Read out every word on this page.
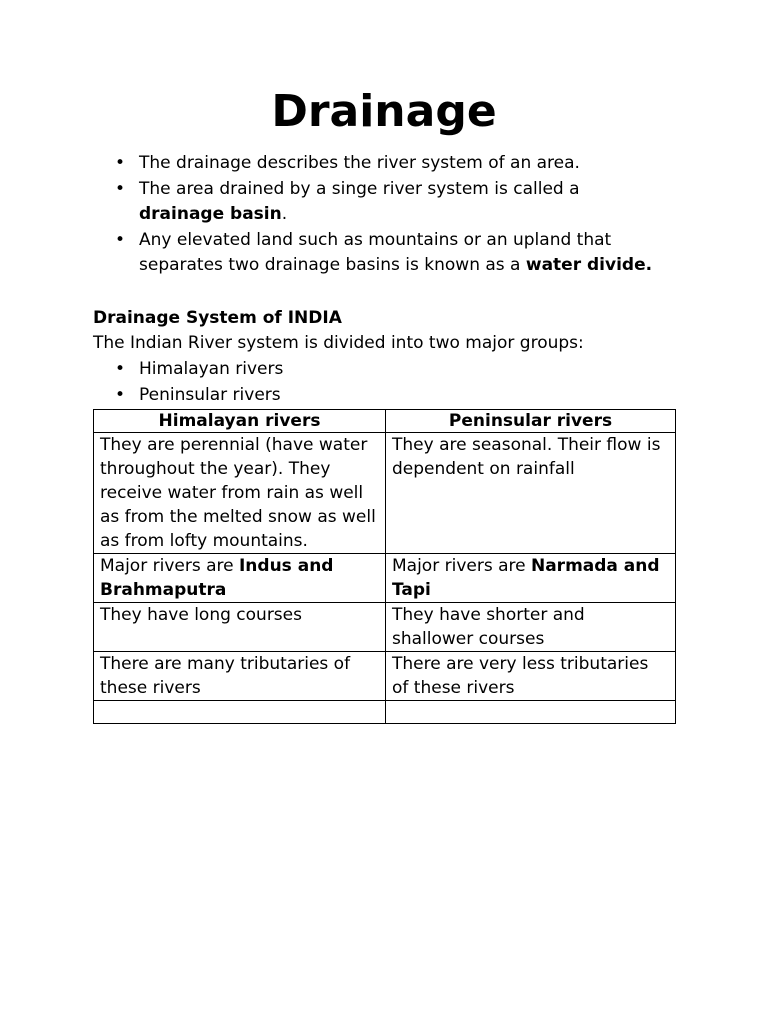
Drainage
• The drainage describes the river system of an area.
• The area drained by a singe river system is called a drainage basin.
• Any elevated land such as mountains or an upland that separates two drainage basins is known as a water divide.

Drainage System of INDIA

The Indian River system is divided into two major groups:

• Himalayan rivers
• Peninsular rivers
Himalayan rivers	Peninsular rivers
They are perennial (have water throughout the year). They receive water from rain as well as from the melted snow as well as from lofty mountains.	They are seasonal. Their flow is dependent on rainfall
Major rivers are Indus and Brahmaputra	Major rivers are Narmada and Tapi
They have long courses	They have shorter and shallower courses
There are many tributaries of these rivers	There are very less tributaries of these rivers
